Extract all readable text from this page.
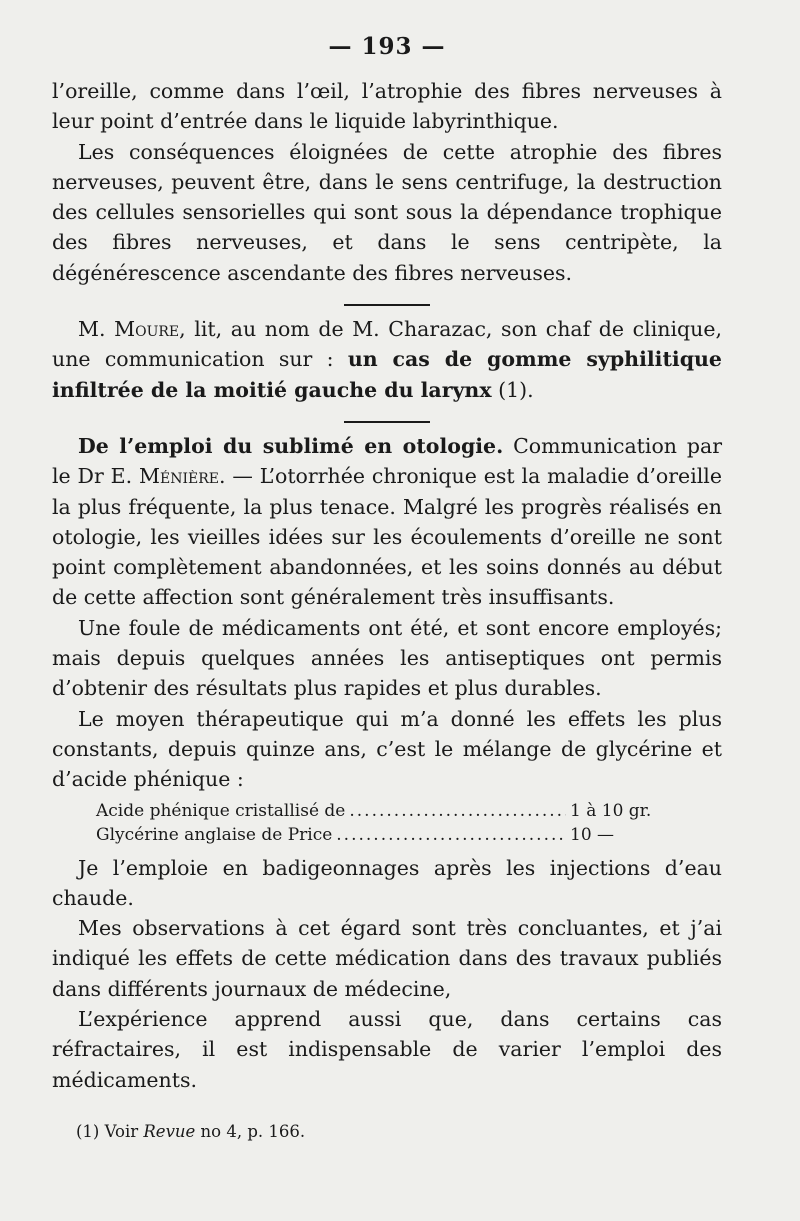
— 193 —

l’oreille, comme dans l’œil, l’atrophie des fibres nerveuses à leur point d’entrée dans le liquide labyrinthique.

Les conséquences éloignées de cette atrophie des fibres nerveuses, peuvent être, dans le sens centrifuge, la destruction des cellules sensorielles qui sont sous la dépendance trophique des fibres nerveuses, et dans le sens centripète, la dégénérescence ascendante des fibres nerveuses.

M. Moure, lit, au nom de M. Charazac, son chaf de clinique, une communication sur : un cas de gomme syphilitique infiltrée de la moitié gauche du larynx (1).

De l’emploi du sublimé en otologie. Communication par le Dr E. Ménière. — L’otorrhée chronique est la maladie d’oreille la plus fréquente, la plus tenace. Malgré les progrès réalisés en otologie, les vieilles idées sur les écoulements d’oreille ne sont point complètement abandonnées, et les soins donnés au début de cette affection sont généralement très insuffisants.

Une foule de médicaments ont été, et sont encore employés; mais depuis quelques années les antiseptiques ont permis d’obtenir des résultats plus rapides et plus durables.

Le moyen thérapeutique qui m’a donné les effets les plus constants, depuis quinze ans, c’est le mélange de glycérine et d’acide phénique :

Acide phénique cristallisé de .....	1 à 10 gr.
Glycérine anglaise de Price .....	10 —

Je l’emploie en badigeonnages après les injections d’eau chaude.

Mes observations à cet égard sont très concluantes, et j’ai indiqué les effets de cette médication dans des travaux publiés dans différents journaux de médecine,

L’expérience apprend aussi que, dans certains cas réfractaires, il est indispensable de varier l’emploi des médicaments.

(1) Voir Revue no 4, p. 166.
